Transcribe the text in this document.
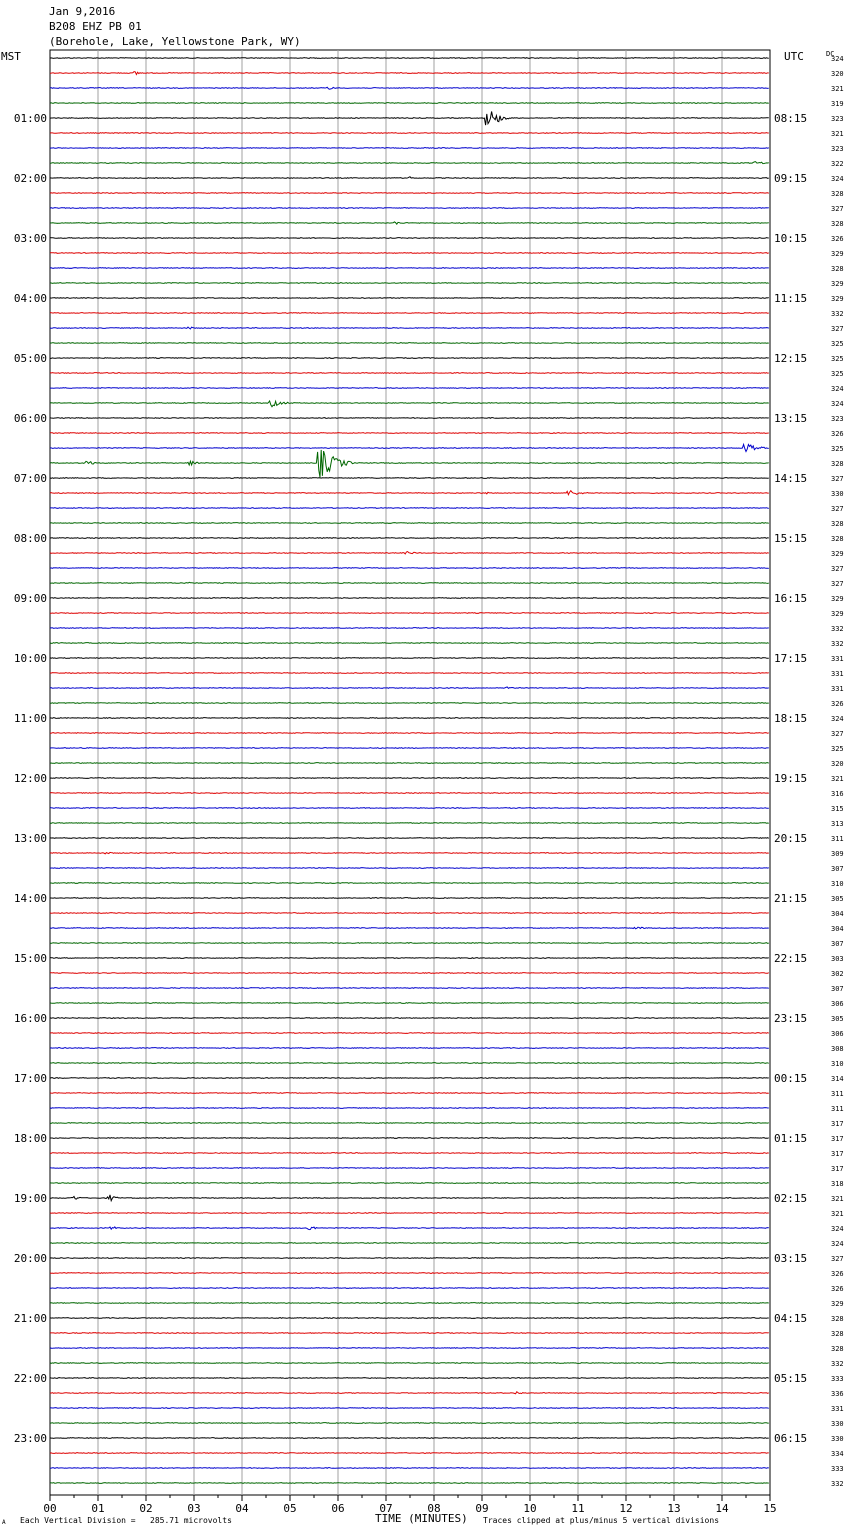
Jan 9,2016
B208 EHZ PB 01
(Borehole, Lake, Yellowstone Park, WY)
MST	UTC
00	01	02	03	04	05	06	07	08	09	10	11	12	13	14	15
01:00
02:00
03:00
04:00
05:00
06:00
07:00
08:00
09:00
10:00
11:00
12:00
13:00
14:00
15:00
16:00
17:00
18:00
19:00
20:00
21:00
22:00
23:00
08:15
09:15
10:15
11:15
12:15
13:15
14:15
15:15
16:15
17:15
18:15
19:15
20:15
21:15
22:15
23:15
00:15
01:15
02:15
03:15
04:15
05:15
06:15
DC
324
320
321
319
323
321
323
322
324
328
327
328
326
329
328
329
329
332
327
325
325
325
324
324
323
326
325
328
327
330
327
328
328
329
327
327
329
329
332
332
331
331
331
326
324
327
325
320
321
316
315
313
311
309
307
310
305
304
304
307
303
302
307
306
305
306
308
310
314
311
311
317
317
317
317
318
321
321
324
324
327
326
326
329
328
328
328
332
333
336
331
330
330
334
333
332
A Each Vertical Division = 285.71 microvolts	TIME (MINUTES) Traces clipped at plus/minus 5 vertical divisions
